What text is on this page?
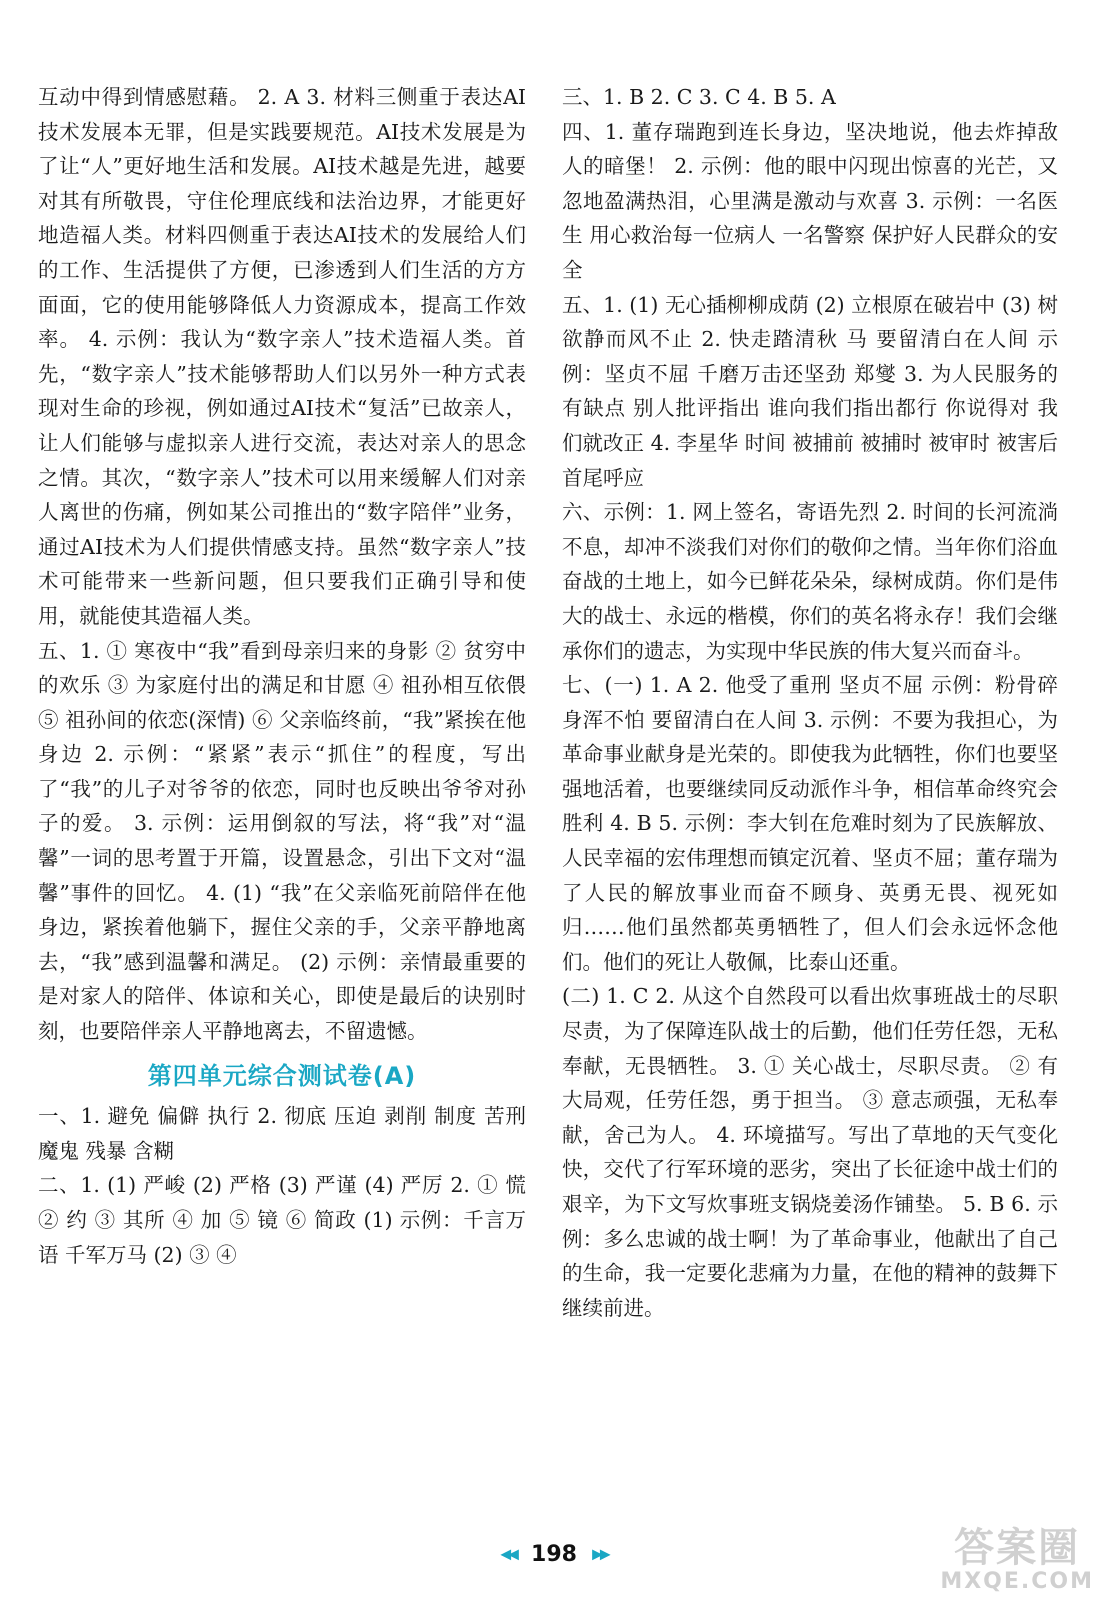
互动中得到情感慰藉。 2. A 3. 材料三侧重于表达AI技术发展本无罪，但是实践要规范。AI技术发展是为了让“人”更好地生活和发展。AI技术越是先进，越要对其有所敬畏，守住伦理底线和法治边界，才能更好地造福人类。材料四侧重于表达AI技术的发展给人们的工作、生活提供了方便，已渗透到人们生活的方方面面，它的使用能够降低人力资源成本，提高工作效率。 4. 示例：我认为“数字亲人”技术造福人类。首先，“数字亲人”技术能够帮助人们以另外一种方式表现对生命的珍视，例如通过AI技术“复活”已故亲人，让人们能够与虚拟亲人进行交流，表达对亲人的思念之情。其次，“数字亲人”技术可以用来缓解人们对亲人离世的伤痛，例如某公司推出的“数字陪伴”业务，通过AI技术为人们提供情感支持。虽然“数字亲人”技术可能带来一些新问题，但只要我们正确引导和使用，就能使其造福人类。

五、1. ① 寒夜中“我”看到母亲归来的身影 ② 贫穷中的欢乐 ③ 为家庭付出的满足和甘愿 ④ 祖孙相互依偎 ⑤ 祖孙间的依恋(深情) ⑥ 父亲临终前，“我”紧挨在他身边 2. 示例：“紧紧”表示“抓住”的程度，写出了“我”的儿子对爷爷的依恋，同时也反映出爷爷对孙子的爱。 3. 示例：运用倒叙的写法，将“我”对“温馨”一词的思考置于开篇，设置悬念，引出下文对“温馨”事件的回忆。 4. (1) “我”在父亲临死前陪伴在他身边，紧挨着他躺下，握住父亲的手，父亲平静地离去，“我”感到温馨和满足。 (2) 示例：亲情最重要的是对家人的陪伴、体谅和关心，即使是最后的诀别时刻，也要陪伴亲人平静地离去，不留遗憾。

第四单元综合测试卷(A)

一、1. 避免 偏僻 执行 2. 彻底 压迫 剥削 制度 苦刑 魔鬼 残暴 含糊

二、1. (1) 严峻 (2) 严格 (3) 严谨 (4) 严厉 2. ① 慌 ② 约 ③ 其所 ④ 加 ⑤ 镜 ⑥ 简政 (1) 示例：千言万语 千军万马 (2) ③ ④

三、1. B 2. C 3. C 4. B 5. A

四、1. 董存瑞跑到连长身边，坚决地说，他去炸掉敌人的暗堡！ 2. 示例：他的眼中闪现出惊喜的光芒，又忽地盈满热泪，心里满是激动与欢喜 3. 示例：一名医生 用心救治每一位病人 一名警察 保护好人民群众的安全

五、1. (1) 无心插柳柳成荫 (2) 立根原在破岩中 (3) 树欲静而风不止 2. 快走踏清秋 马 要留清白在人间 示例：坚贞不屈 千磨万击还坚劲 郑燮 3. 为人民服务的 有缺点 别人批评指出 谁向我们指出都行 你说得对 我们就改正 4. 李星华 时间 被捕前 被捕时 被审时 被害后 首尾呼应

六、示例：1. 网上签名，寄语先烈 2. 时间的长河流淌不息，却冲不淡我们对你们的敬仰之情。当年你们浴血奋战的土地上，如今已鲜花朵朵，绿树成荫。你们是伟大的战士、永远的楷模，你们的英名将永存！我们会继承你们的遗志，为实现中华民族的伟大复兴而奋斗。

七、(一) 1. A 2. 他受了重刑 坚贞不屈 示例：粉骨碎身浑不怕 要留清白在人间 3. 示例：不要为我担心，为革命事业献身是光荣的。即使我为此牺牲，你们也要坚强地活着，也要继续同反动派作斗争，相信革命终究会胜利 4. B 5. 示例：李大钊在危难时刻为了民族解放、人民幸福的宏伟理想而镇定沉着、坚贞不屈；董存瑞为了人民的解放事业而奋不顾身、英勇无畏、视死如归……他们虽然都英勇牺牲了，但人们会永远怀念他们。他们的死让人敬佩，比泰山还重。

(二) 1. C 2. 从这个自然段可以看出炊事班战士的尽职尽责，为了保障连队战士的后勤，他们任劳任怨，无私奉献，无畏牺牲。 3. ① 关心战士，尽职尽责。 ② 有大局观，任劳任怨，勇于担当。 ③ 意志顽强，无私奉献，舍己为人。 4. 环境描写。写出了草地的天气变化快，交代了行军环境的恶劣，突出了长征途中战士们的艰辛，为下文写炊事班支锅烧姜汤作铺垫。 5. B 6. 示例：多么忠诚的战士啊！为了革命事业，他献出了自己的生命，我一定要化悲痛为力量，在他的精神的鼓舞下继续前进。

◀◀ 198 ▶▶	答案圈
MXQE.COM
